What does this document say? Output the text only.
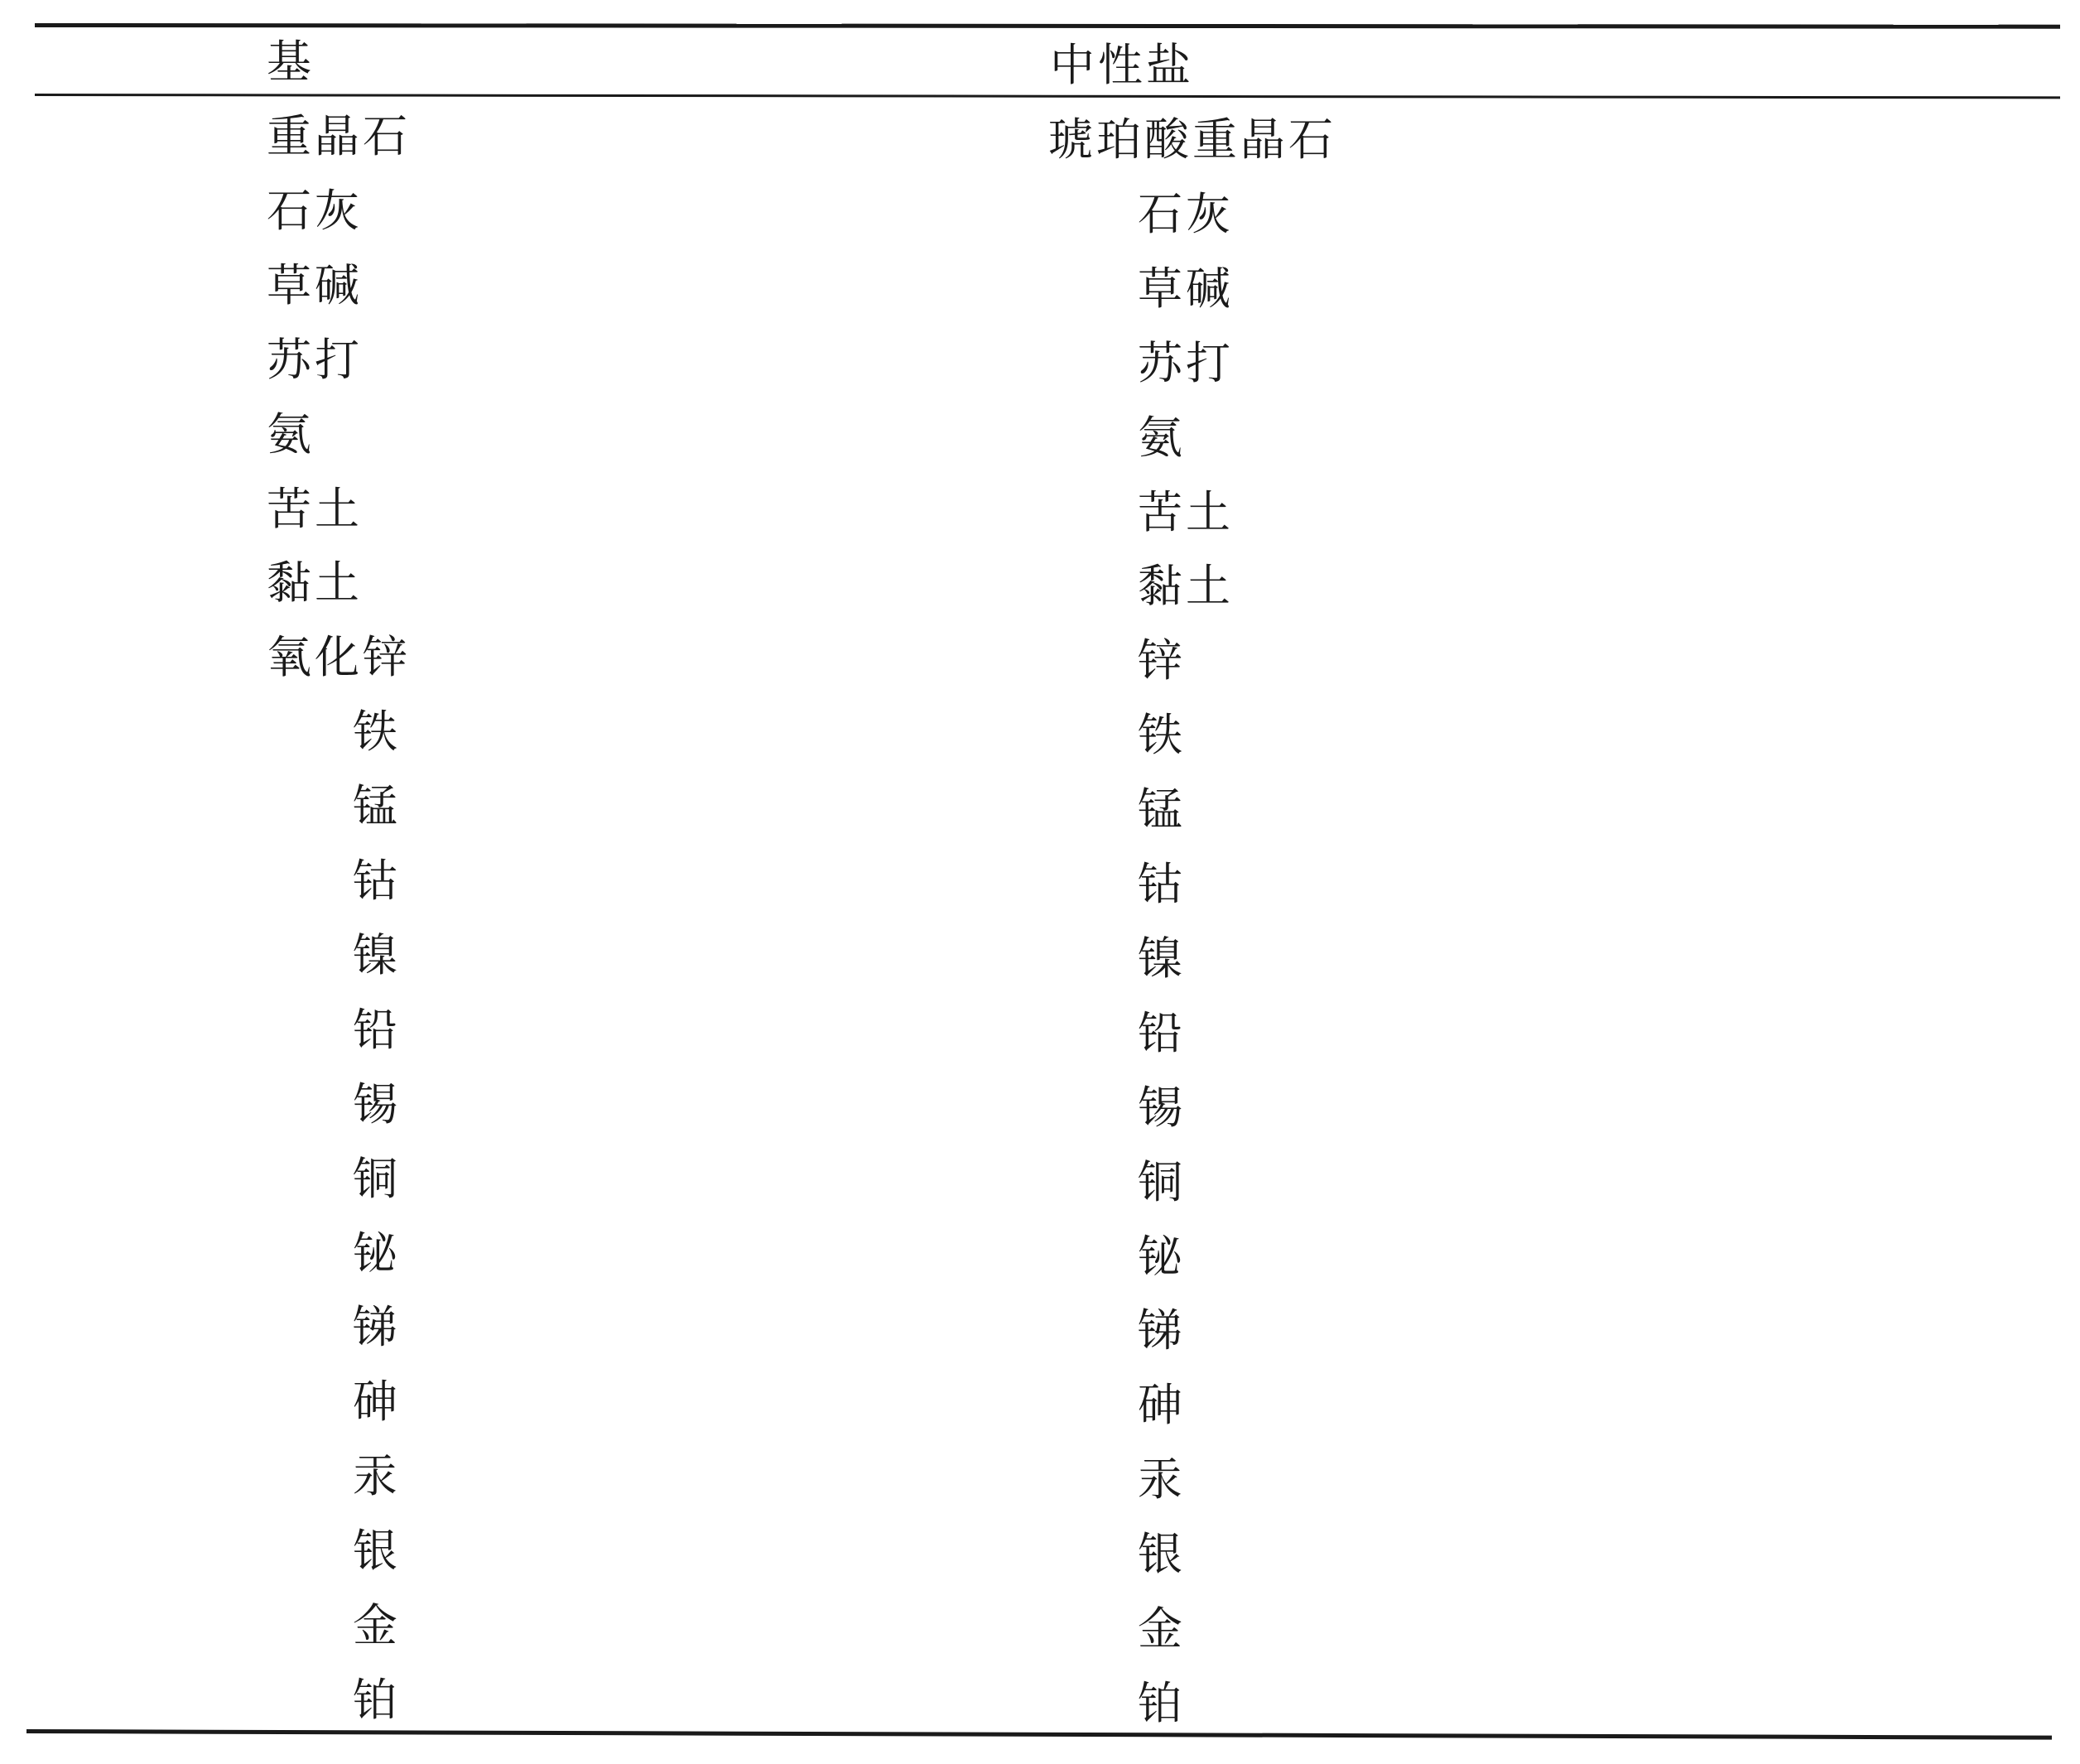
基	中性盐
重晶石	琥珀酸重晶石
石灰	石灰
草碱	草碱
苏打	苏打
氨	氨
苦土	苦土
黏土	黏土
氧化锌	锌
铁	铁
锰	锰
钴	钴
镍	镍
铅	铅
锡	锡
铜	铜
铋	铋
锑	锑
砷	砷
汞	汞
银	银
金	金
铂	铂
